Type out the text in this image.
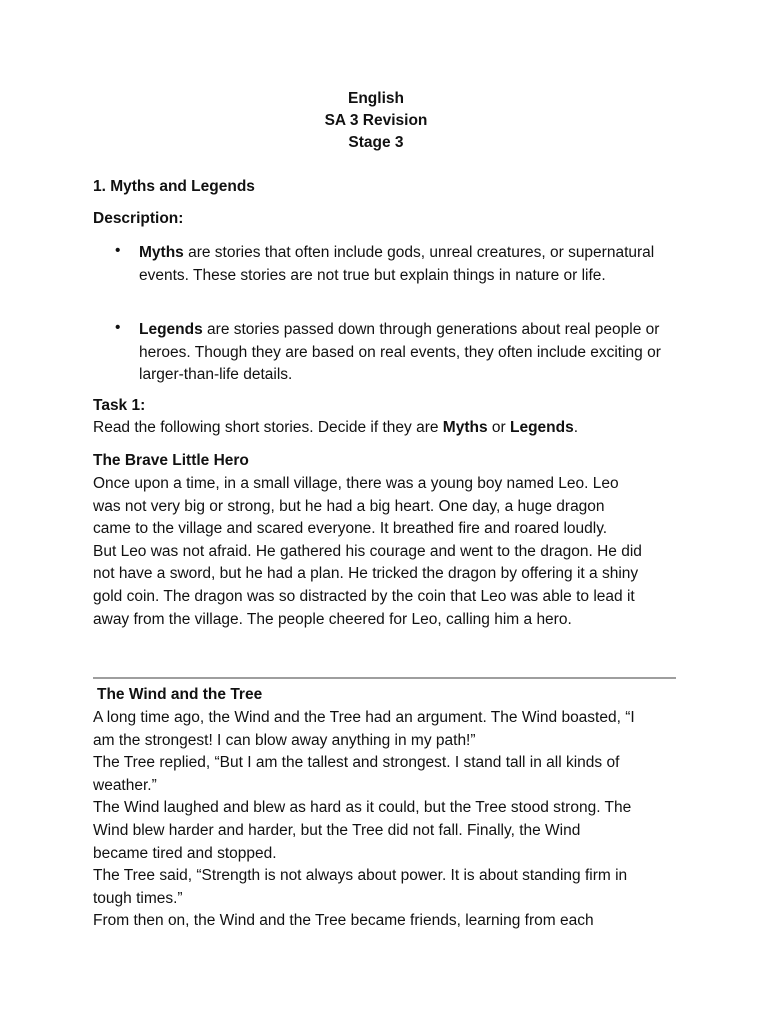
English
SA 3 Revision
Stage 3
1. Myths and Legends
Description:
• Myths are stories that often include gods, unreal creatures, or supernatural events. These stories are not true but explain things in nature or life.
• Legends are stories passed down through generations about real people or heroes. Though they are based on real events, they often include exciting or larger-than-life details.
Task 1:
Read the following short stories. Decide if they are Myths or Legends.
The Brave Little Hero
Once upon a time, in a small village, there was a young boy named Leo. Leo
was not very big or strong, but he had a big heart. One day, a huge dragon
came to the village and scared everyone. It breathed fire and roared loudly.
But Leo was not afraid. He gathered his courage and went to the dragon. He did
not have a sword, but he had a plan. He tricked the dragon by offering it a shiny
gold coin. The dragon was so distracted by the coin that Leo was able to lead it
away from the village. The people cheered for Leo, calling him a hero.
The Wind and the Tree
A long time ago, the Wind and the Tree had an argument. The Wind boasted, “I
am the strongest! I can blow away anything in my path!”
The Tree replied, “But I am the tallest and strongest. I stand tall in all kinds of
weather.”
The Wind laughed and blew as hard as it could, but the Tree stood strong. The
Wind blew harder and harder, but the Tree did not fall. Finally, the Wind
became tired and stopped.
The Tree said, “Strength is not always about power. It is about standing firm in
tough times.”
From then on, the Wind and the Tree became friends, learning from each
